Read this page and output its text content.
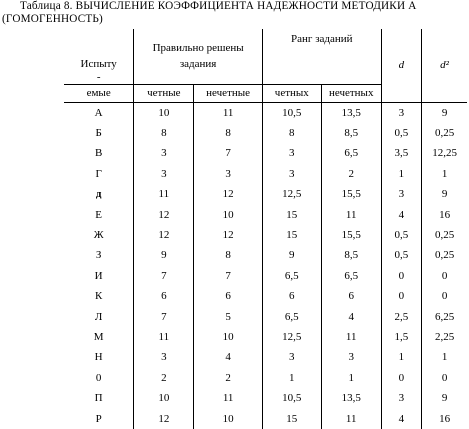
Таблица 8. ВЫЧИСЛЕНИЕ КОЭФФИЦИЕНТА НАДЕЖНОСТИ МЕТОДИКИ А
(ГОМОГЕННОСТЬ)
Испыту
-	Правильно решены задания		Ранг заданий		d	d²
емые	четные	нечетные	четных	нечетных		
А	10	11	10,5	13,5	3	9
Б	8	8	8	8,5	0,5	0,25
В	3	7	3	6,5	3,5	12,25
Г	3	3	3	2	1	1
д	11	12	12,5	15,5	3	9
Е	12	10	15	11	4	16
Ж	12	12	15	15,5	0,5	0,25
З	9	8	9	8,5	0,5	0,25
И	7	7	6,5	6,5	0	0
К	6	6	6	6	0	0
Л	7	5	6,5	4	2,5	6,25
М	11	10	12,5	11	1,5	2,25
Н	3	4	3	3	1	1
0	2	2	1	1	0	0
П	10	11	10,5	13,5	3	9
Р	12	10	15	11	4	16
